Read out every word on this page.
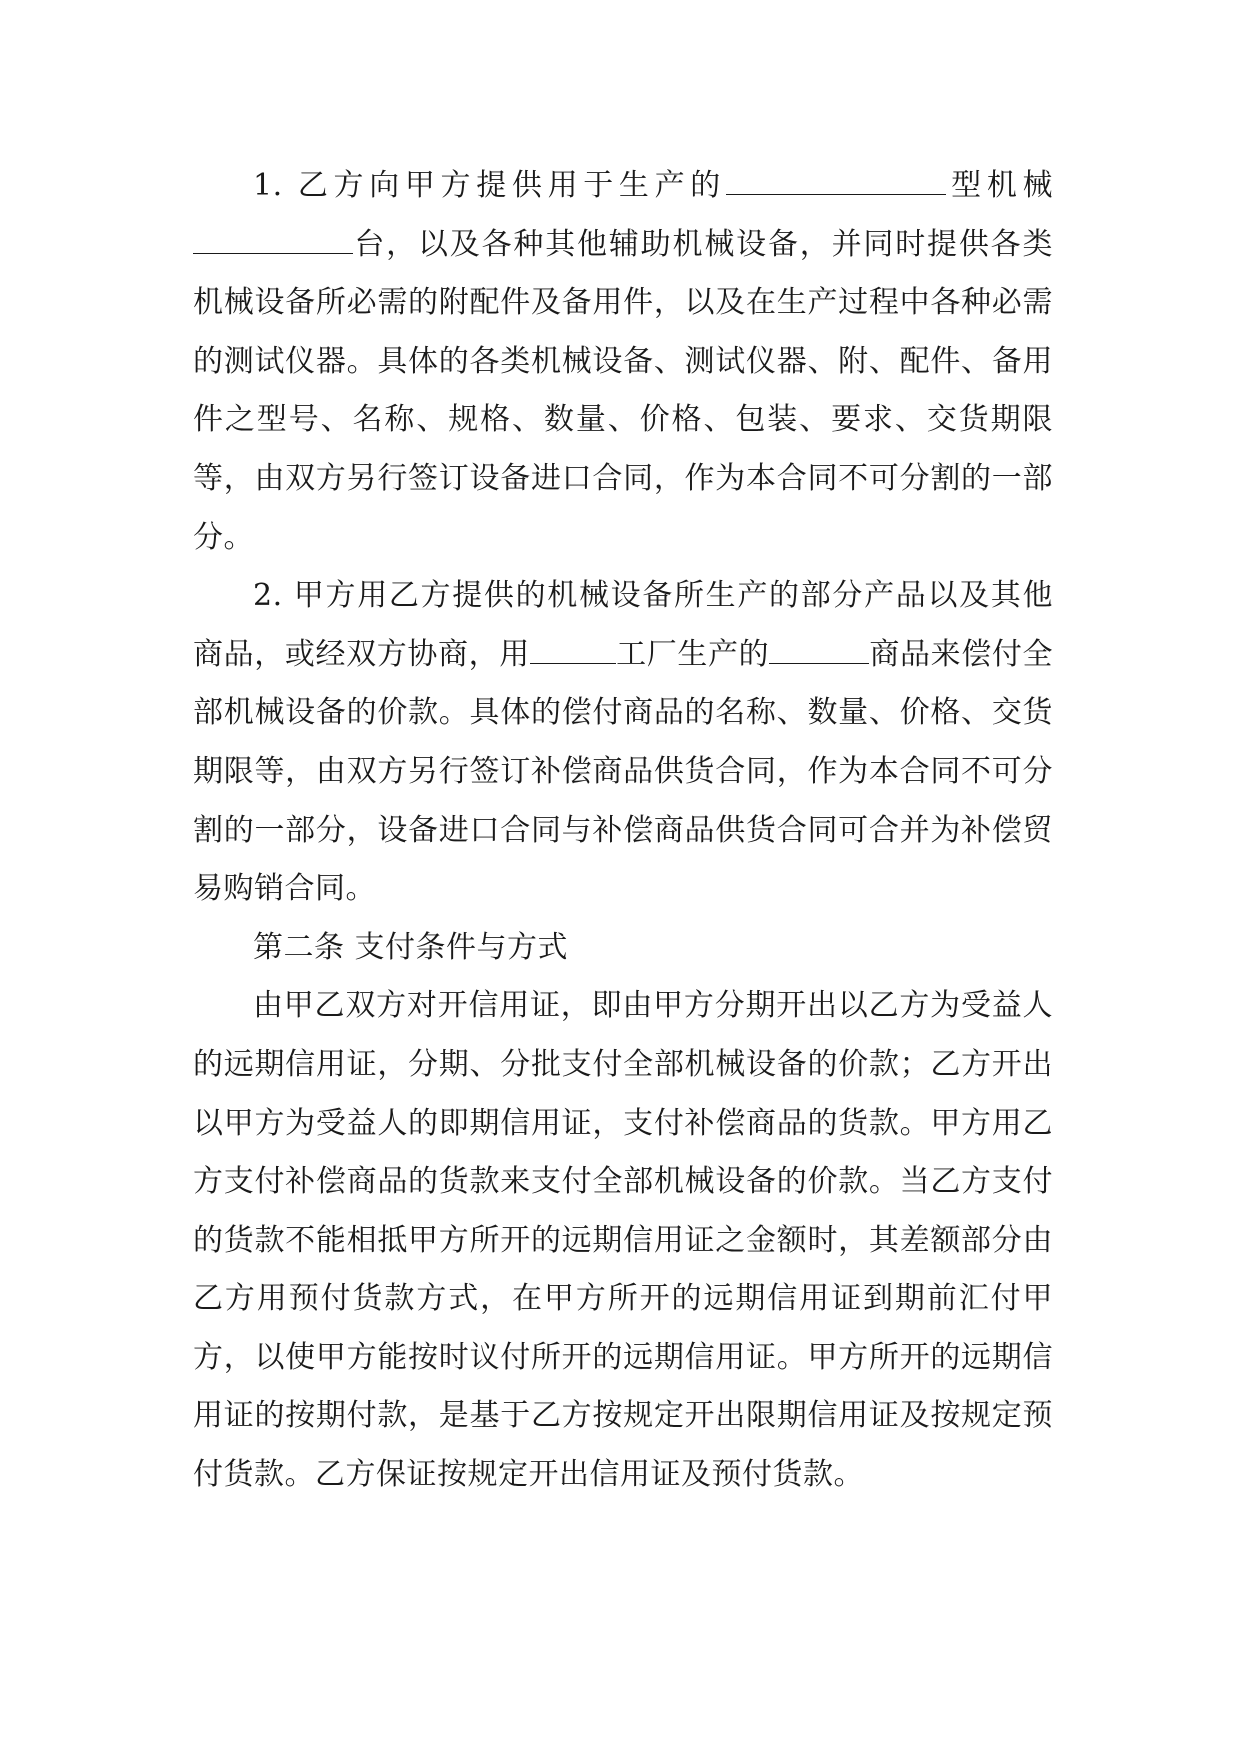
1. 乙方向甲方提供用于生产的	型机械台，以及各种其他辅助机械设备，并同时提供各类机械设备所必需的附配件及备用件，以及在生产过程中各种必需的测试仪器。具体的各类机械设备、测试仪器、附、配件、备用件之型号、名称、规格、数量、价格、包装、要求、交货期限等，由双方另行签订设备进口合同，作为本合同不可分割的一部分。

2. 甲方用乙方提供的机械设备所生产的部分产品以及其他商品，或经双方协商，用	工厂生产的	商品来偿付全部机械设备的价款。具体的偿付商品的名称、数量、价格、交货期限等，由双方另行签订补偿商品供货合同，作为本合同不可分割的一部分，设备进口合同与补偿商品供货合同可合并为补偿贸易购销合同。

第二条 支付条件与方式

由甲乙双方对开信用证，即由甲方分期开出以乙方为受益人的远期信用证，分期、分批支付全部机械设备的价款；乙方开出以甲方为受益人的即期信用证，支付补偿商品的货款。甲方用乙方支付补偿商品的货款来支付全部机械设备的价款。当乙方支付的货款不能相抵甲方所开的远期信用证之金额时，其差额部分由乙方用预付货款方式，在甲方所开的远期信用证到期前汇付甲方，以使甲方能按时议付所开的远期信用证。甲方所开的远期信用证的按期付款，是基于乙方按规定开出限期信用证及按规定预付货款。乙方保证按规定开出信用证及预付货款。
